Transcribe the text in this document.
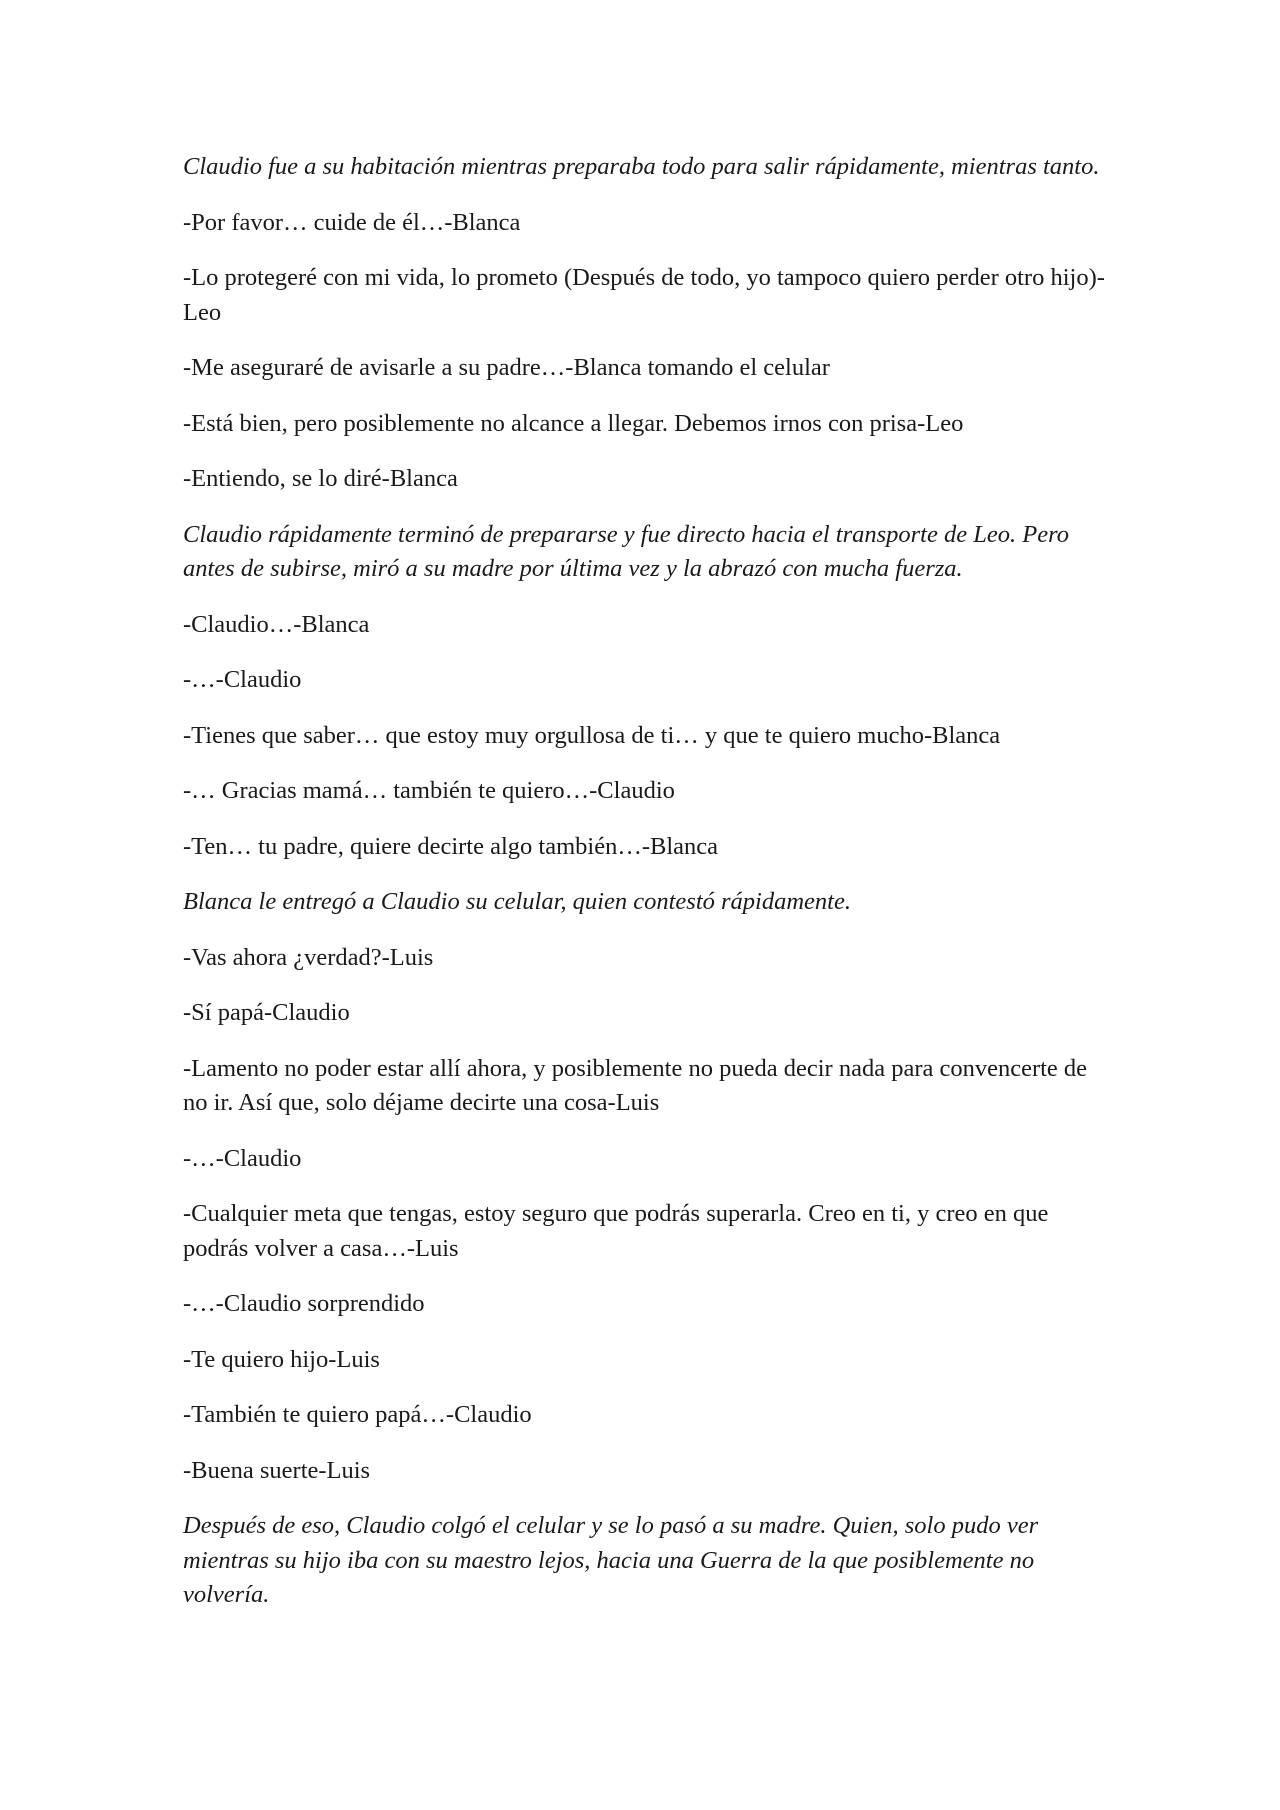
Claudio fue a su habitación mientras preparaba todo para salir rápidamente, mientras tanto.

-Por favor… cuide de él…-Blanca

-Lo protegeré con mi vida, lo prometo (Después de todo, yo tampoco quiero perder otro hijo)-Leo

-Me aseguraré de avisarle a su padre…-Blanca tomando el celular

-Está bien, pero posiblemente no alcance a llegar. Debemos irnos con prisa-Leo

-Entiendo, se lo diré-Blanca

Claudio rápidamente terminó de prepararse y fue directo hacia el transporte de Leo. Pero antes de subirse, miró a su madre por última vez y la abrazó con mucha fuerza.

-Claudio…-Blanca

-…-Claudio

-Tienes que saber… que estoy muy orgullosa de ti… y que te quiero mucho-Blanca

-… Gracias mamá… también te quiero…-Claudio

-Ten… tu padre, quiere decirte algo también…-Blanca

Blanca le entregó a Claudio su celular, quien contestó rápidamente.

-Vas ahora ¿verdad?-Luis

-Sí papá-Claudio

-Lamento no poder estar allí ahora, y posiblemente no pueda decir nada para convencerte de no ir. Así que, solo déjame decirte una cosa-Luis

-…-Claudio

-Cualquier meta que tengas, estoy seguro que podrás superarla. Creo en ti, y creo en que podrás volver a casa…-Luis

-…-Claudio sorprendido

-Te quiero hijo-Luis

-También te quiero papá…-Claudio

-Buena suerte-Luis

Después de eso, Claudio colgó el celular y se lo pasó a su madre. Quien, solo pudo ver mientras su hijo iba con su maestro lejos, hacia una Guerra de la que posiblemente no volvería.
